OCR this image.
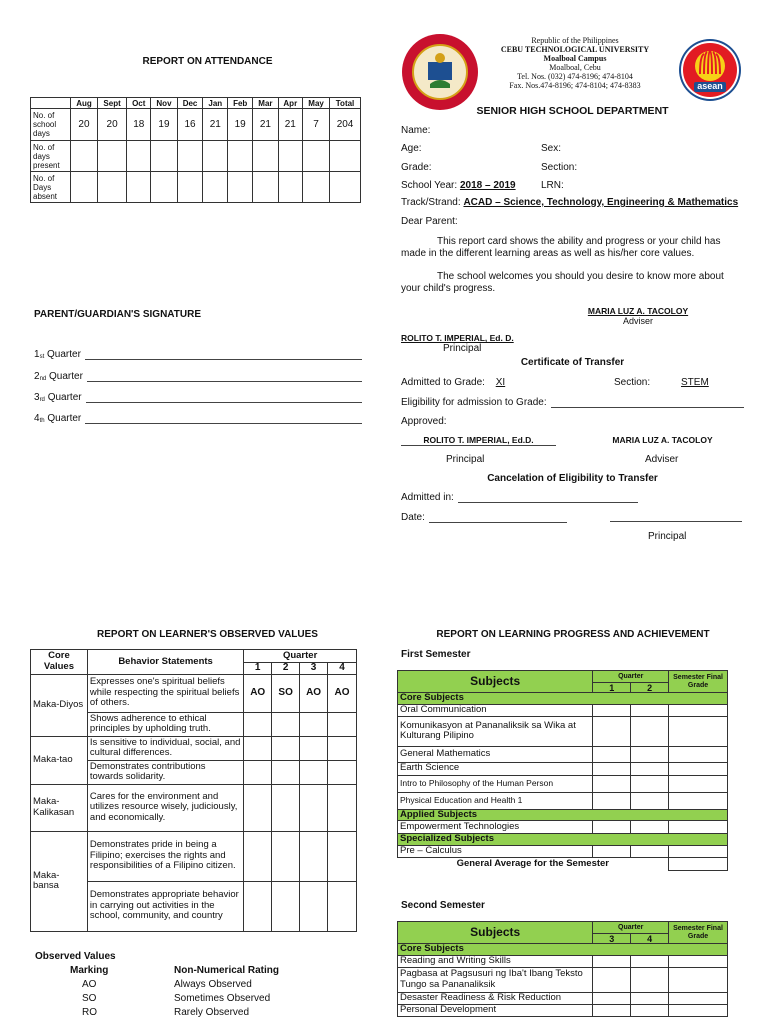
REPORT ON ATTENDANCE
	Aug	Sept	Oct	Nov	Dec	Jan	Feb	Mar	Apr	May	Total
No. of school days	20	20	18	19	16	21	19	21	21	7	204
No. of days present											
No. of Days absent											
PARENT/GUARDIAN'S SIGNATURE
$1_{st}$
Quarter
$2_{nd}$
Quarter
$3_{rd}$
Quarter
$4_{th}$
Quarter
Republic of the Philippines
CEBU TECHNOLOGICAL UNIVERSITY
Moalboal Campus
Moalboal, Cebu
Tel. Nos. (032) 474-8196; 474-8104
Fax. Nos.474-8196; 474-8104; 474-8383	asean
SENIOR HIGH SCHOOL DEPARTMENT
Name:
Age:	Sex:
Grade:	Section:
School Year: 2018 – 2019	LRN:
Track/Strand: ACAD – Science, Technology, Engineering & Mathematics
Dear Parent:
This report card shows the ability and progress or your child has made in the different learning areas as well as his/her core values.
The school welcomes you should you desire to know more about your child's progress.
MARIA LUZ A. TACOLOY
Adviser
ROLITO T. IMPERIAL, Ed. D.
Principal
Certificate of Transfer
Admitted to Grade: XI	Section:	STEM
Eligibility for admission to Grade:
Approved:
ROLITO T. IMPERIAL, Ed.D.
Principal
MARIA LUZ A. TACOLOY
Adviser
Cancelation of Eligibility to Transfer
Admitted in:
Date:
Principal
REPORT ON LEARNER'S OBSERVED VALUES
Core Values	Behavior Statements	Quarter			
		1	2	3	4
Maka-Diyos	Expresses one's spiritual beliefs while respecting the spiritual beliefs of others.	AO	SO	AO	AO
	Shows adherence to ethical principles by upholding truth.				
Maka-tao	Is sensitive to individual, social, and cultural differences.				
	Demonstrates contributions towards solidarity.				
Maka-Kalikasan	Cares for the environment and utilizes resource wisely, judiciously, and economically.				
Maka-bansa	Demonstrates pride in being a Filipino; exercises the rights and responsibilities of a Filipino citizen.				
	Demonstrates appropriate behavior in carrying out activities in the school, community, and country				
Observed Values
Marking	Non-Numerical Rating
AO	Always Observed
SO	Sometimes Observed
RO	Rarely Observed
REPORT ON LEARNING PROGRESS AND ACHIEVEMENT
First Semester
Subjects	Quarter		Semester Final Grade
	1	2	
Core Subjects			
Oral Communication			
Komunikasyon at Pananaliksik sa Wika at Kulturang Pilipino			
General Mathematics			
Earth Science			
Intro to Philosophy of the Human Person			
Physical Education and Health 1			
Applied Subjects			
Empowerment Technologies			
Specialized Subjects			
Pre – Calculus			
General Average for the Semester			
Second Semester
Subjects	Quarter		Semester Final Grade
	3	4	
Core Subjects			
Reading and Writing Skills			
Pagbasa at Pagsusuri ng Iba't Ibang Teksto Tungo sa Pananaliksik			
Desaster Readiness & Risk Reduction			
Personal Development			
